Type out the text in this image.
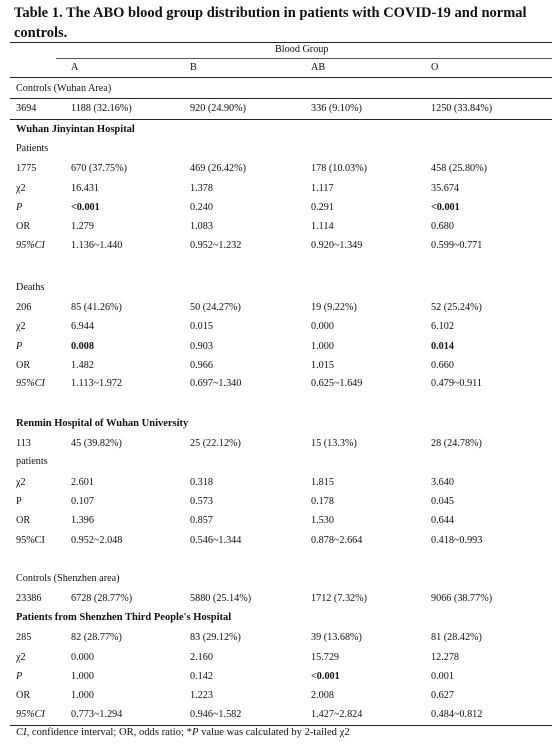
Table 1. The ABO blood group distribution in patients with COVID-19 and normal controls.
Blood Group
A	B	AB	O
Controls (Wuhan Area)
3694	1188 (32.16%)	920 (24.90%)	336 (9.10%)	1250 (33.84%)
Wuhan Jinyintan Hospital
Patients
1775	670 (37.75%)	469 (26.42%)	178 (10.03%)	458 (25.80%)
χ2	16.431	1.378	1.117	35.674
P	<0.001	0.240	0.291	<0.001
OR	1.279	1.083	1.114	0.680
95%CI	1.136~1.440	0.952~1.232	0.920~1.349	0.599~0.771
Deaths
206	85 (41.26%)	50 (24.27%)	19 (9.22%)	52 (25.24%)
χ2	6.944	0.015	0.000	6.102
P	0.008	0.903	1.000	0.014
OR	1.482	0.966	1.015	0.660
95%CI	1.113~1.972	0.697~1.340	0.625~1.649	0.479~0.911
Renmin Hospital of Wuhan University
113	45 (39.82%)	25 (22.12%)	15 (13.3%)	28 (24.78%)
patients
χ2	2.601	0.318	1.815	3.640
P	0.107	0.573	0.178	0.045
OR	1.396	0.857	1.530	0.644
95%CI	0.952~2.048	0.546~1.344	0.878~2.664	0.418~0.993
Controls (Shenzhen area)
23386	6728 (28.77%)	5880 (25.14%)	1712 (7.32%)	9066 (38.77%)
Patients from Shenzhen Third People's Hospital
285	82 (28.77%)	83 (29.12%)	39 (13.68%)	81 (28.42%)
χ2	0.000	2.160	15.729	12.278
P	1.000	0.142	<0.001	0.001
OR	1.000	1.223	2.008	0.627
95%CI	0.773~1.294	0.946~1.582	1.427~2.824	0.484~0.812
CI, confidence interval; OR, odds ratio; *P value was calculated by 2-tailed χ2
